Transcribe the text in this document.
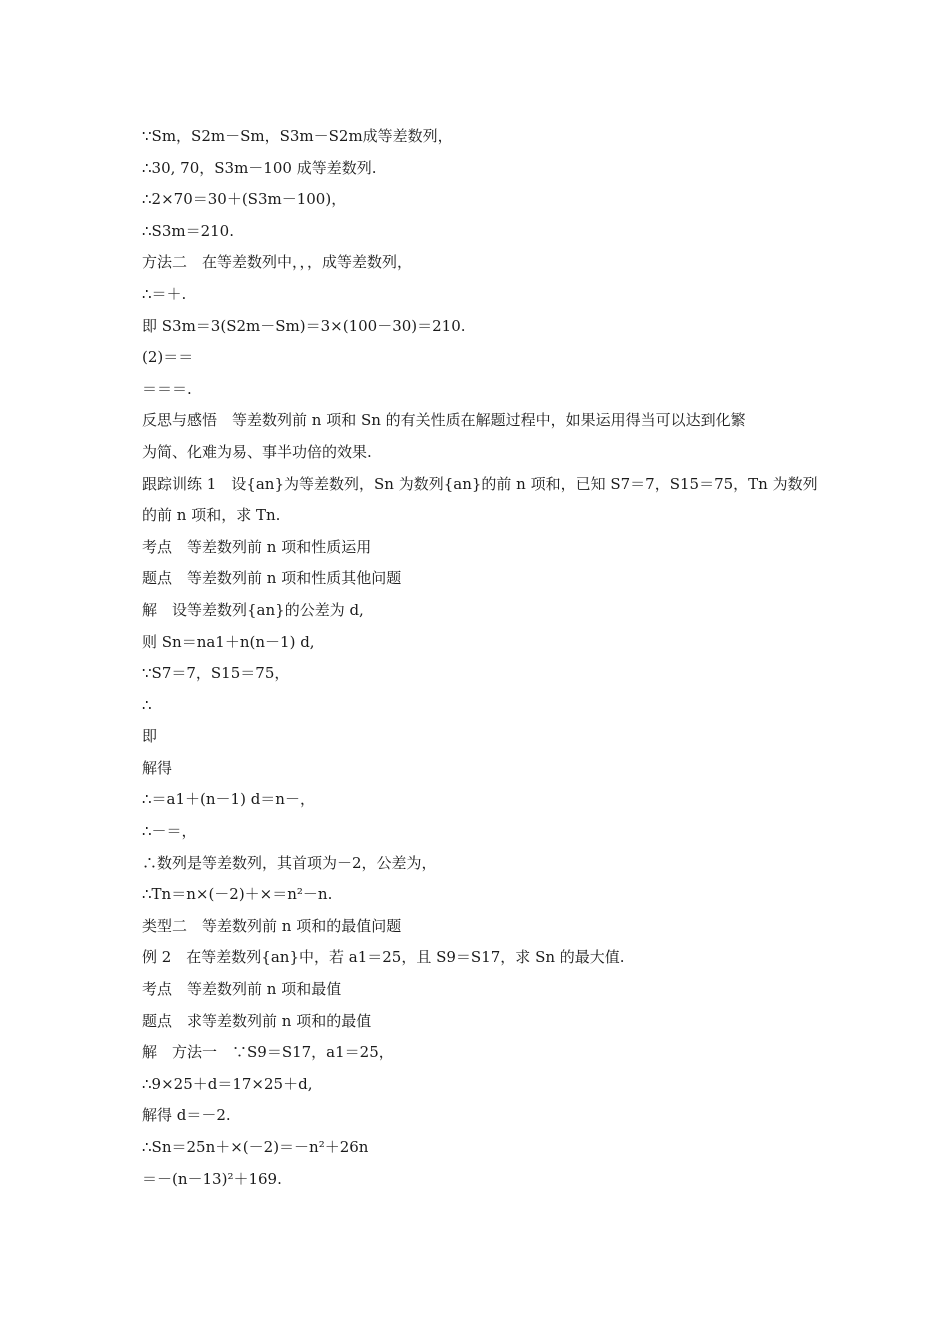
∵Sm，S2m－Sm，S3m－S2m成等差数列，
∴30, 70，S3m－100 成等差数列.
∴2×70＝30＋(S3m－100)，
∴S3m＝210.
方法二　在等差数列中，，，成等差数列，
∴＝＋.
即 S3m＝3(S2m－Sm)＝3×(100－30)＝210.
(2)＝＝
＝＝＝.
反思与感悟　等差数列前 n 项和 Sn 的有关性质在解题过程中，如果运用得当可以达到化繁
为简、化难为易、事半功倍的效果.
跟踪训练 1　设{an}为等差数列，Sn 为数列{an}的前 n 项和，已知 S7＝7，S15＝75，Tn 为数列
的前 n 项和，求 Tn.
考点　等差数列前 n 项和性质运用
题点　等差数列前 n 项和性质其他问题
解　设等差数列{an}的公差为 d,
则 Sn＝na1＋n(n－1) d,
∵S7＝7，S15＝75，
∴
即
解得
∴＝a1＋(n－1) d＝n－，
∴－＝，
∴数列是等差数列，其首项为－2，公差为，
∴Tn＝n×(－2)＋×＝n²－n.
类型二　等差数列前 n 项和的最值问题
例 2　在等差数列{an}中，若 a1＝25，且 S9＝S17，求 Sn 的最大值.
考点　等差数列前 n 项和最值
题点　求等差数列前 n 项和的最值
解　方法一　∵S9＝S17，a1＝25，
∴9×25＋d＝17×25＋d,
解得 d＝－2.
∴Sn＝25n＋×(－2)＝－n²＋26n
＝－(n－13)²＋169.
